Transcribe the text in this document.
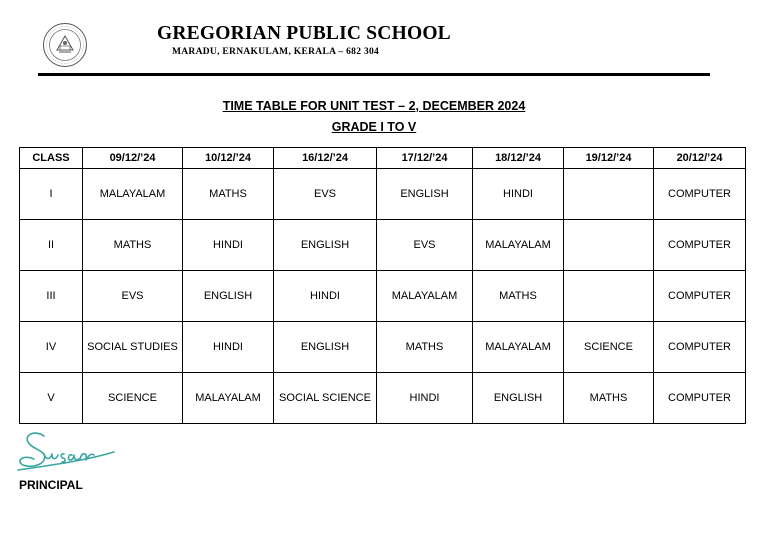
GREGORIAN PUBLIC SCHOOL
MARADU, ERNAKULAM, KERALA – 682 304
TIME TABLE FOR UNIT TEST – 2, DECEMBER 2024
GRADE I TO V
CLASS	09/12/’24	10/12/’24	16/12/’24	17/12/’24	18/12/’24	19/12/’24	20/12/’24
I	MALAYALAM	MATHS	EVS	ENGLISH	HINDI		COMPUTER
II	MATHS	HINDI	ENGLISH	EVS	MALAYALAM		COMPUTER
III	EVS	ENGLISH	HINDI	MALAYALAM	MATHS		COMPUTER
IV	SOCIAL STUDIES	HINDI	ENGLISH	MATHS	MALAYALAM	SCIENCE	COMPUTER
V	SCIENCE	MALAYALAM	SOCIAL SCIENCE	HINDI	ENGLISH	MATHS	COMPUTER
PRINCIPAL
